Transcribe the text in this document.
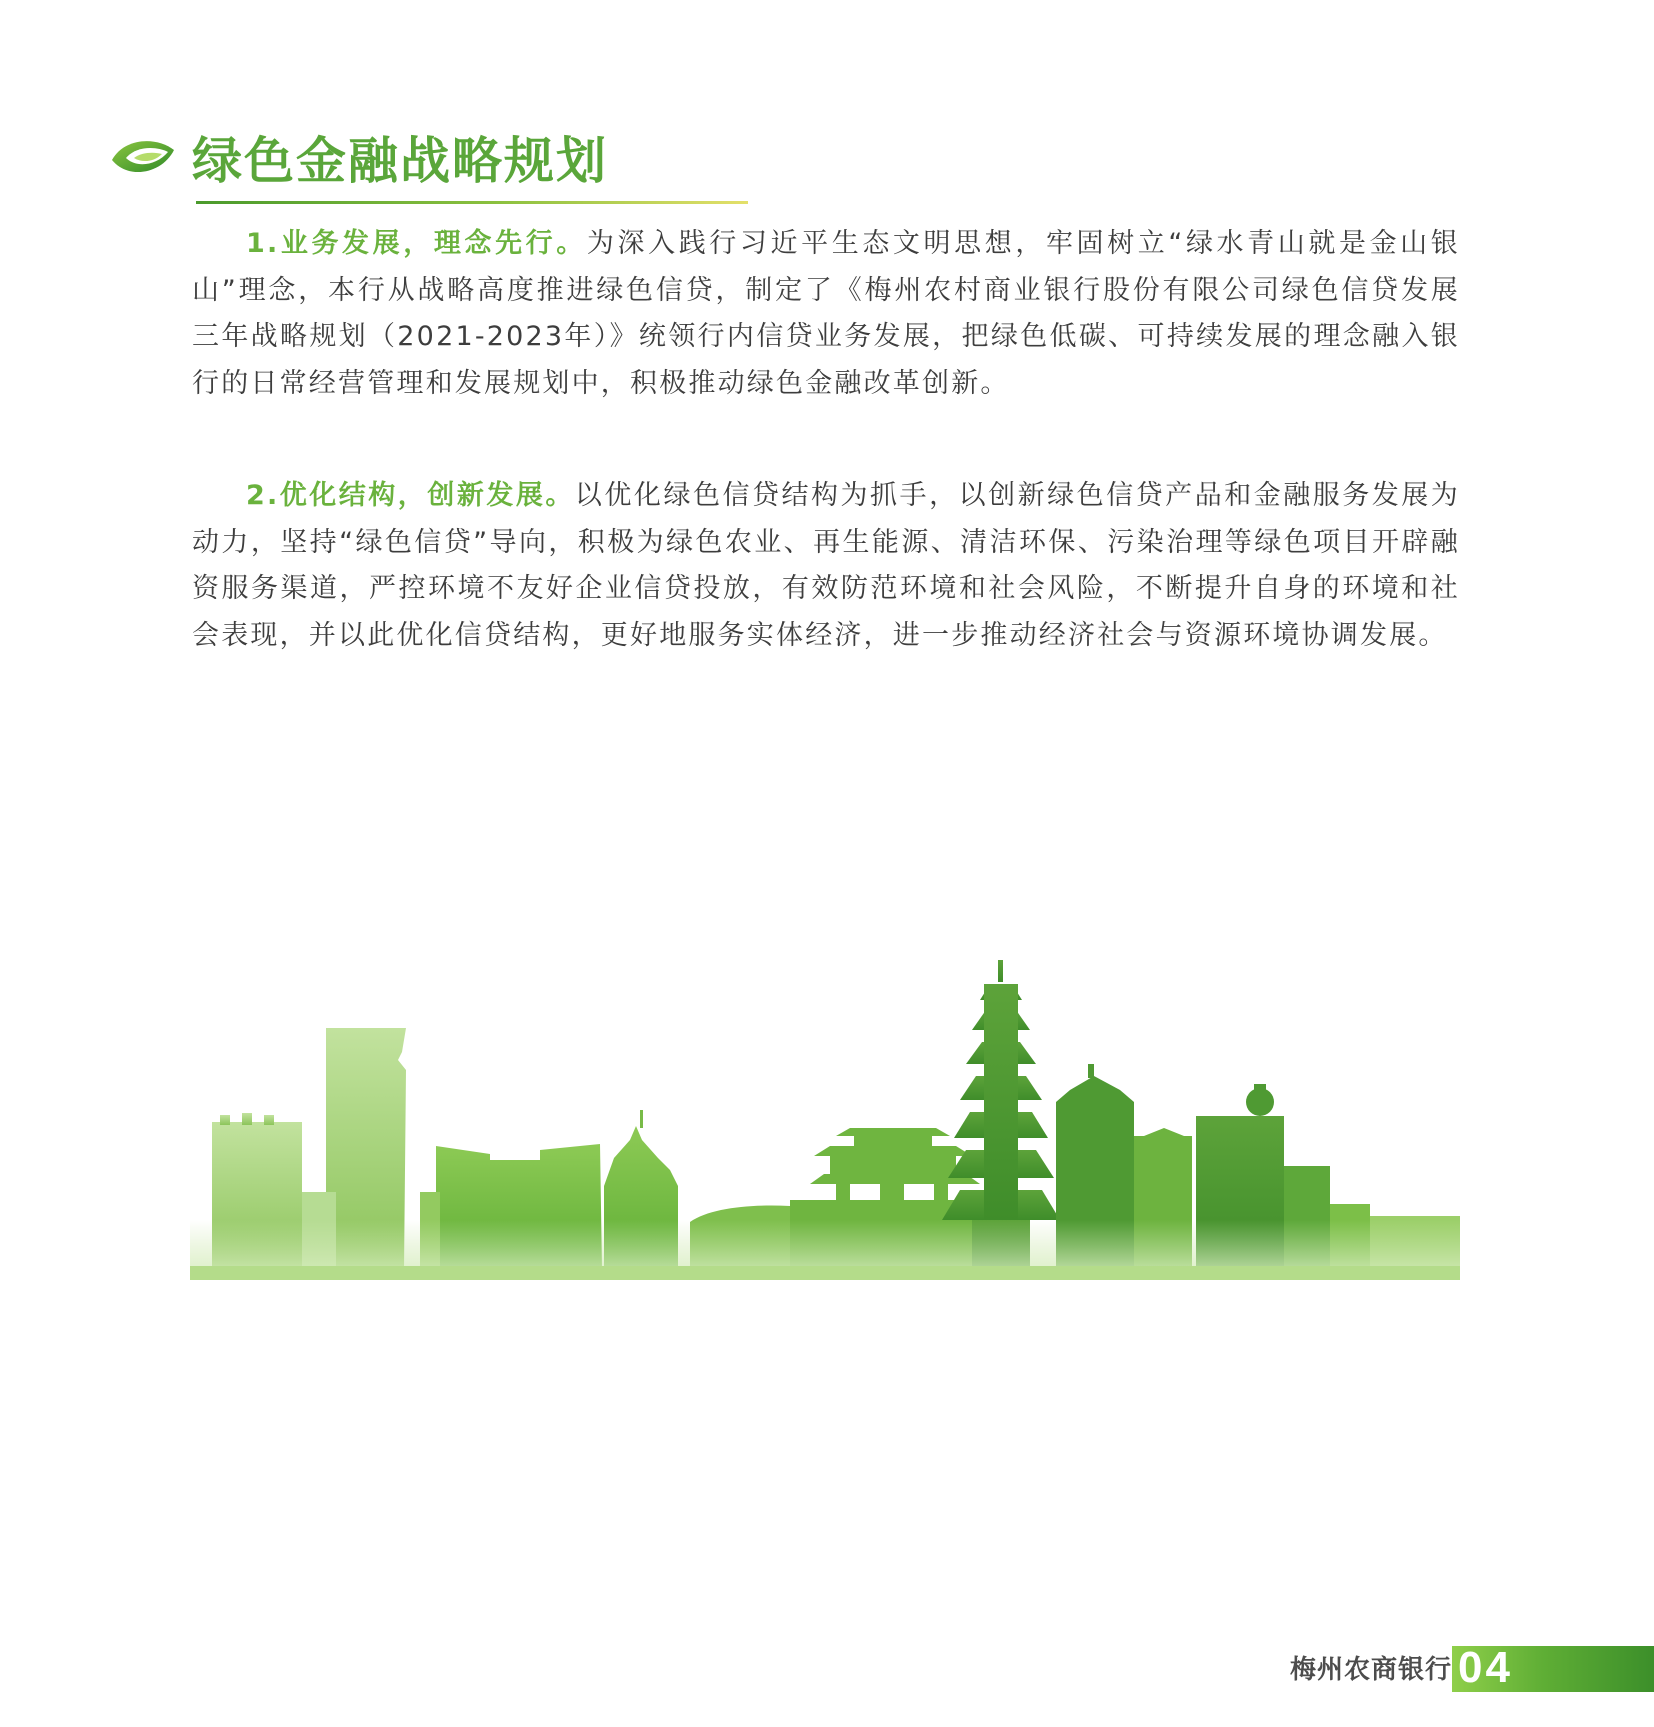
绿色金融战略规划

1.业务发展，理念先行。为深入践行习近平生态文明思想，牢固树立“绿水青山就是金山银山”理念，本行从战略高度推进绿色信贷，制定了《梅州农村商业银行股份有限公司绿色信贷发展三年战略规划（2021-2023年）》统领行内信贷业务发展，把绿色低碳、可持续发展的理念融入银行的日常经营管理和发展规划中，积极推动绿色金融改革创新。

2.优化结构，创新发展。以优化绿色信贷结构为抓手，以创新绿色信贷产品和金融服务发展为动力，坚持“绿色信贷”导向，积极为绿色农业、再生能源、清洁环保、污染治理等绿色项目开辟融资服务渠道，严控环境不友好企业信贷投放，有效防范环境和社会风险，不断提升自身的环境和社会表现，并以此优化信贷结构，更好地服务实体经济，进一步推动经济社会与资源环境协调发展。

梅州农商银行 04
